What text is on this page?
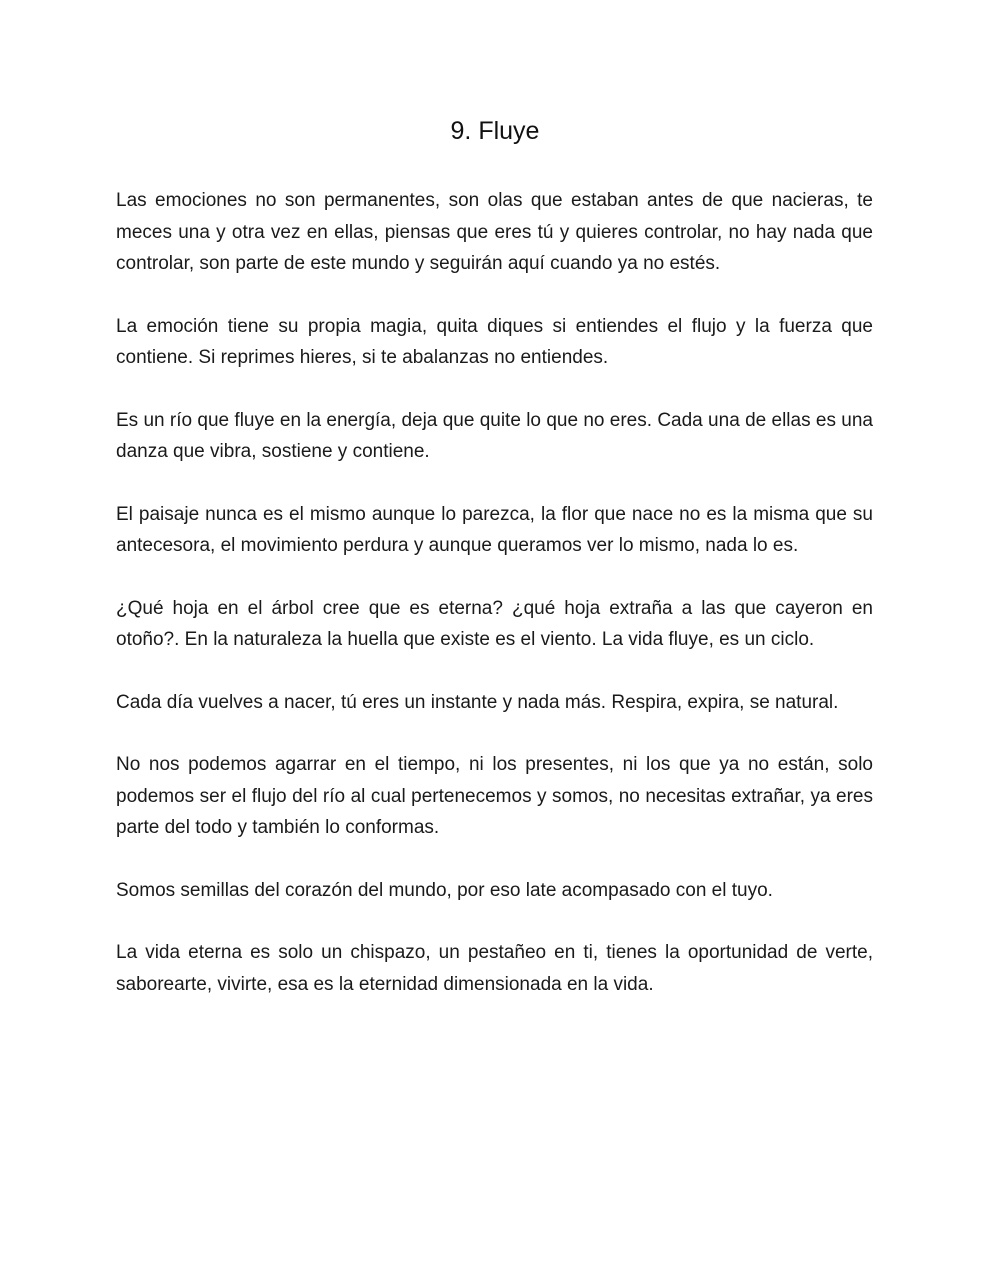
9. Fluye

Las emociones no son permanentes, son olas que estaban antes de que nacieras, te meces una y otra vez en ellas, piensas que eres tú y quieres controlar, no hay nada que controlar, son parte de este mundo y seguirán aquí cuando ya no estés.

La emoción tiene su propia magia, quita diques si entiendes el flujo y la fuerza que contiene. Si reprimes hieres, si te abalanzas no entiendes.

Es un río que fluye en la energía, deja que quite lo que no eres. Cada una de ellas es una danza que vibra, sostiene y contiene.

El paisaje nunca es el mismo aunque lo parezca, la flor que nace no es la misma que su antecesora, el movimiento perdura y aunque queramos ver lo mismo, nada lo es.

¿Qué hoja en el árbol cree que es eterna? ¿qué hoja extraña a las que cayeron en otoño?. En la naturaleza la huella que existe es el viento. La vida fluye, es un ciclo.

Cada día vuelves a nacer, tú eres un instante y nada más. Respira, expira, se natural.

No nos podemos agarrar en el tiempo, ni los presentes, ni los que ya no están, solo podemos ser el flujo del río al cual pertenecemos y somos, no necesitas extrañar, ya eres parte del todo y también lo conformas.

Somos semillas del corazón del mundo, por eso late acompasado con el tuyo.

La vida eterna es solo un chispazo, un pestañeo en ti, tienes la oportunidad de verte, saborearte, vivirte, esa es la eternidad dimensionada en la vida.
